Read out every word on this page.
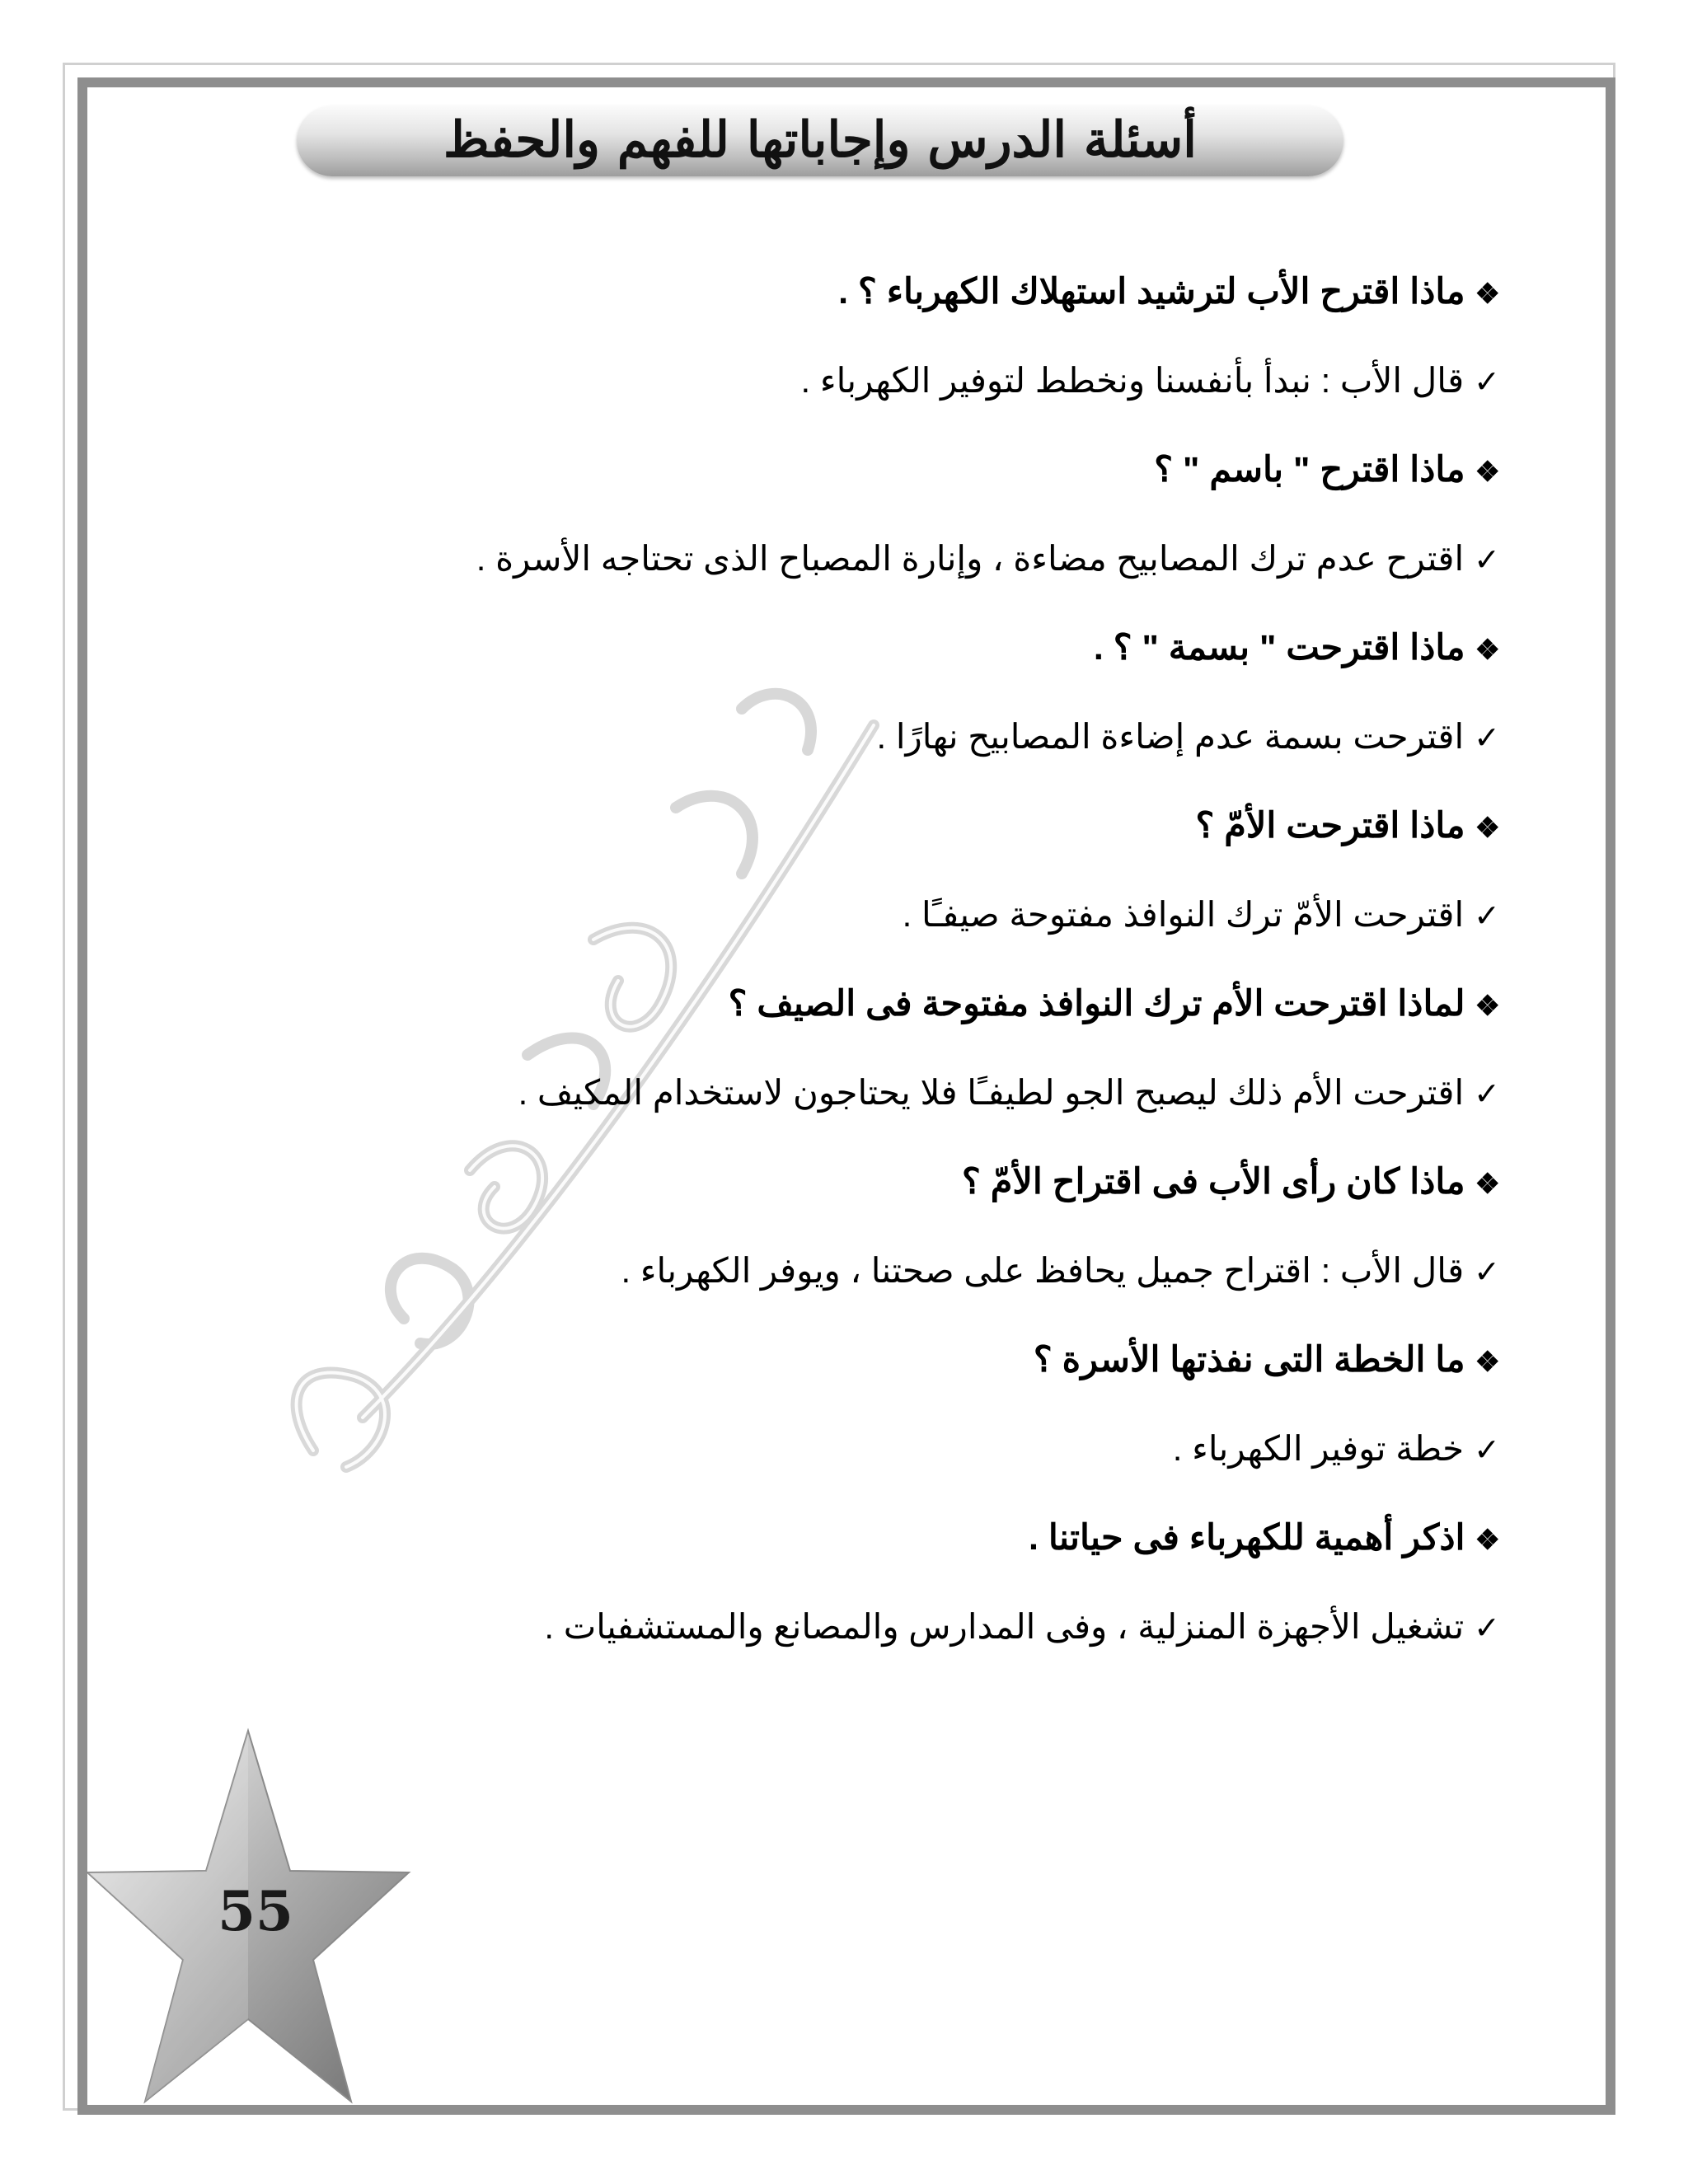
أسئلة الدرس وإجاباتها للفهم والحفظ
❖ماذا اقترح الأب لترشيد استهلاك الكهرباء ؟ .
✓قال الأب : نبدأ بأنفسنا ونخطط لتوفير الكهرباء .
❖ماذا اقترح " باسم " ؟
✓اقترح عدم ترك المصابيح مضاءة ، وإنارة المصباح الذى تحتاجه الأسرة .
❖ماذا اقترحت " بسمة " ؟ .
✓اقترحت بسمة عدم إضاءة المصابيح نهارًا .
❖ماذا اقترحت الأمّ ؟
✓اقترحت الأمّ ترك النوافذ مفتوحة صيفـًا .
❖لماذا اقترحت الأم ترك النوافذ مفتوحة فى الصيف ؟
✓اقترحت الأم ذلك ليصبح الجو لطيفـًا فلا يحتاجون لاستخدام المكيف .
❖ماذا كان رأى الأب فى اقتراح الأمّ ؟
✓قال الأب : اقتراح جميل يحافظ على صحتنا ، ويوفر الكهرباء .
❖ما الخطة التى نفذتها الأسرة ؟
✓خطة توفير الكهرباء .
❖اذكر أهمية للكهرباء فى حياتنا .
✓تشغيل الأجهزة المنزلية ، وفى المدارس والمصانع والمستشفيات .
55
